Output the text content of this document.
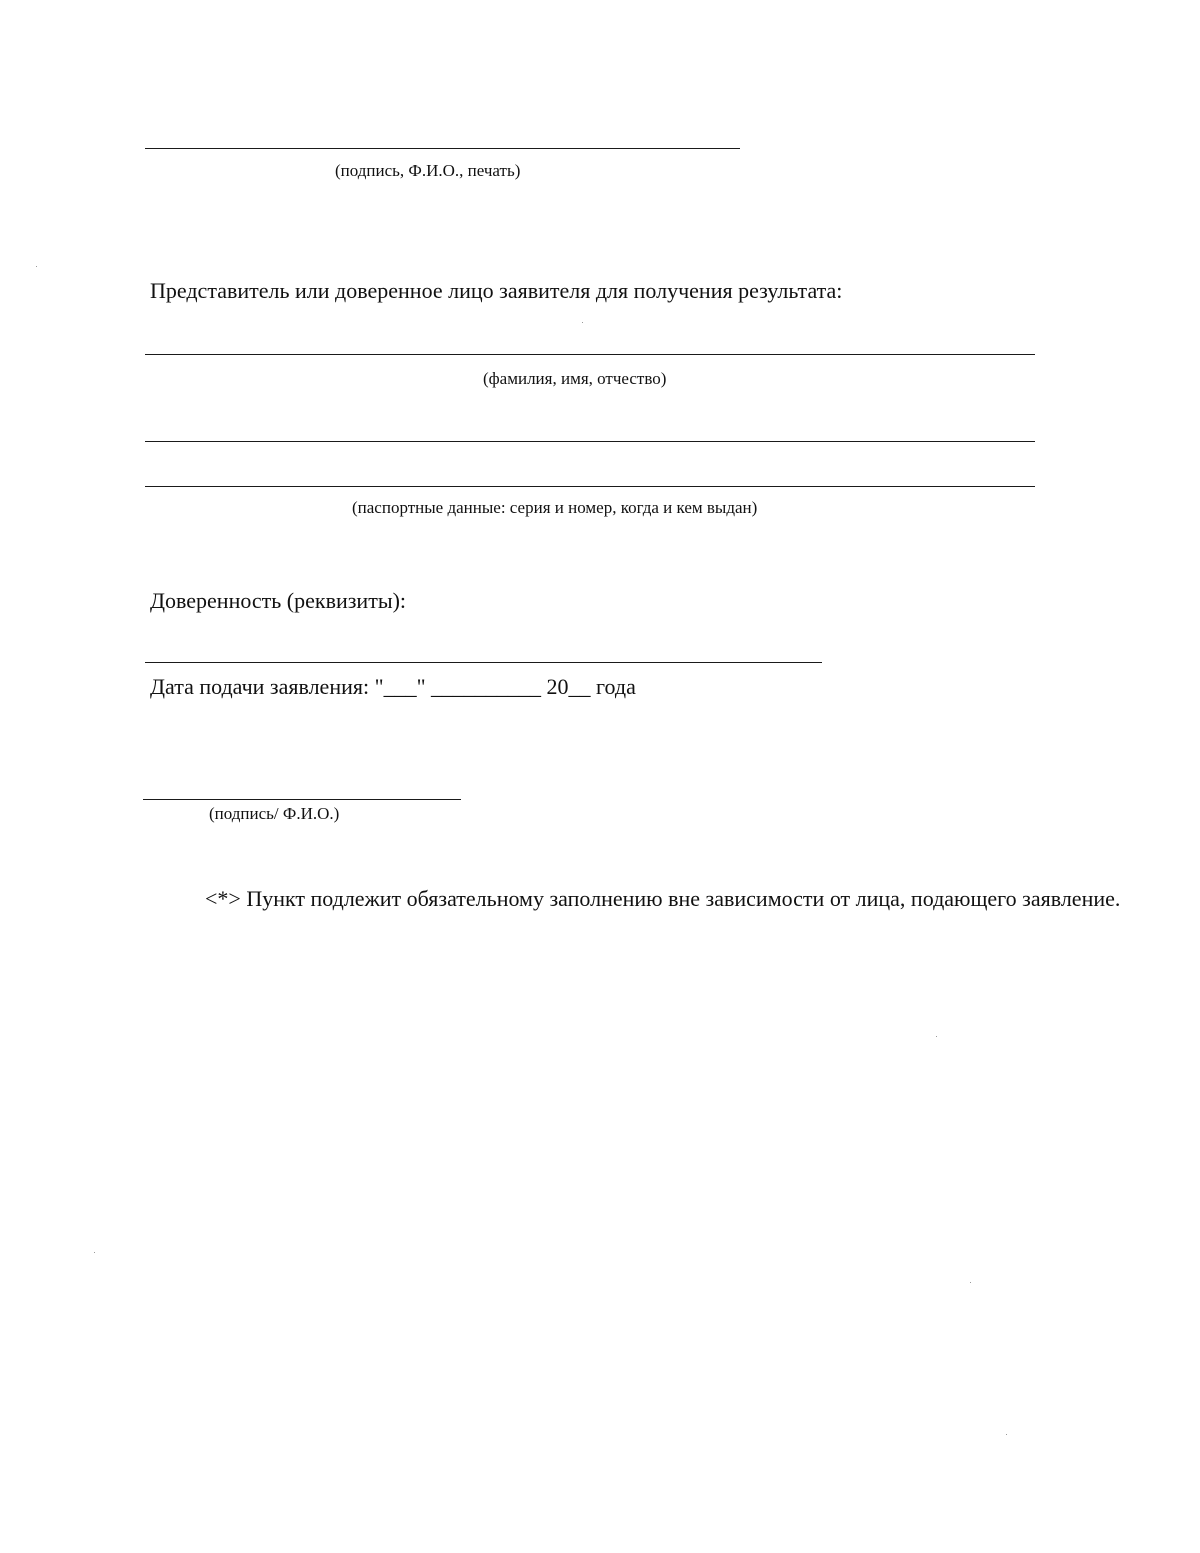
(подпись, Ф.И.О., печать)
Представитель или доверенное лицо заявителя для получения результата:
(фамилия, имя, отчество)
(паспортные данные: серия и номер, когда и кем выдан)
Доверенность (реквизиты):
Дата подачи заявления: "___" __________ 20__ года
(подпись/ Ф.И.О.)
<*> Пункт подлежит обязательному заполнению вне зависимости от лица, подающего заявление.
